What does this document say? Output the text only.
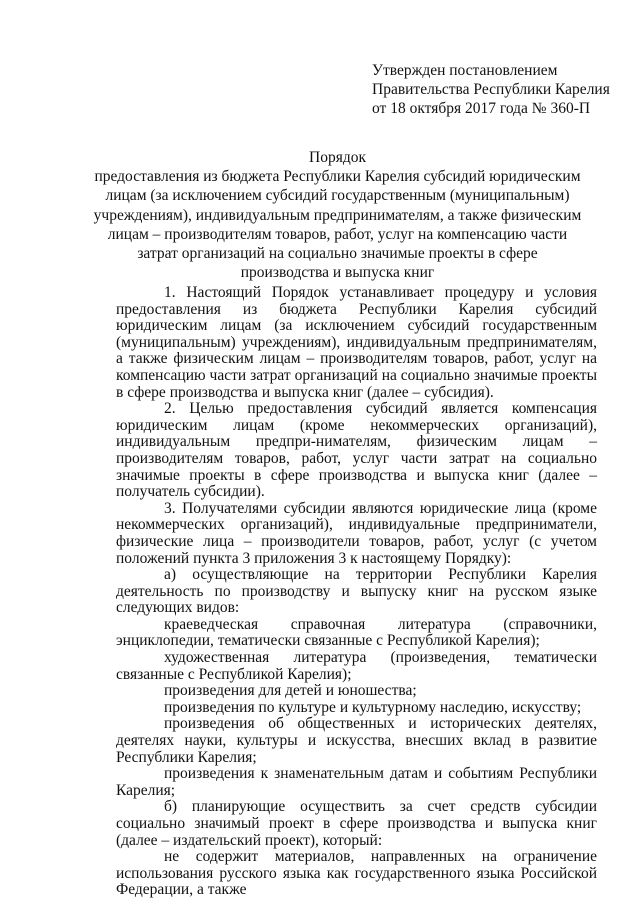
Утвержден постановлением
Правительства Республики Карелия
от 18 октября 2017 года № 360-П
Порядок
предоставления из бюджета Республики Карелия субсидий юридическим
лицам (за исключением субсидий государственным (муниципальным)
учреждениям), индивидуальным предпринимателям, а также физическим
лицам – производителям товаров, работ, услуг на компенсацию части
затрат организаций на социально значимые проекты в сфере
производства и выпуска книг

1. Настоящий Порядок устанавливает процедуру и условия предоставления из бюджета Республики Карелия субсидий юридическим лицам (за исключением субсидий государственным (муниципальным) учреждениям), индивидуальным предпринимателям, а также физическим лицам – производителям товаров, работ, услуг на компенсацию части затрат организаций на социально значимые проекты в сфере производства и выпуска книг (далее – субсидия).

2. Целью предоставления субсидий является компенсация юридическим лицам (кроме некоммерческих организаций), индивидуальным предпри-нимателям, физическим лицам – производителям товаров, работ, услуг части затрат на социально значимые проекты в сфере производства и выпуска книг (далее – получатель субсидии).

3. Получателями субсидии являются юридические лица (кроме некоммерческих организаций), индивидуальные предприниматели, физические лица – производители товаров, работ, услуг (с учетом положений пункта 3 приложения 3 к настоящему Порядку):

а) осуществляющие на территории Республики Карелия деятельность по производству и выпуску книг на русском языке следующих видов:

краеведческая справочная литература (справочники, энциклопедии, тематически связанные с Республикой Карелия);

художественная литература (произведения, тематически связанные с Республикой Карелия);

произведения для детей и юношества;

произведения по культуре и культурному наследию, искусству;

произведения об общественных и исторических деятелях, деятелях науки, культуры и искусства, внесших вклад в развитие Республики Карелия;

произведения к знаменательным датам и событиям Республики Карелия;

б) планирующие осуществить за счет средств субсидии социально значимый проект в сфере производства и выпуска книг (далее – издательский проект), который:

не содержит материалов, направленных на ограничение использования русского языка как государственного языка Российской Федерации, а также
